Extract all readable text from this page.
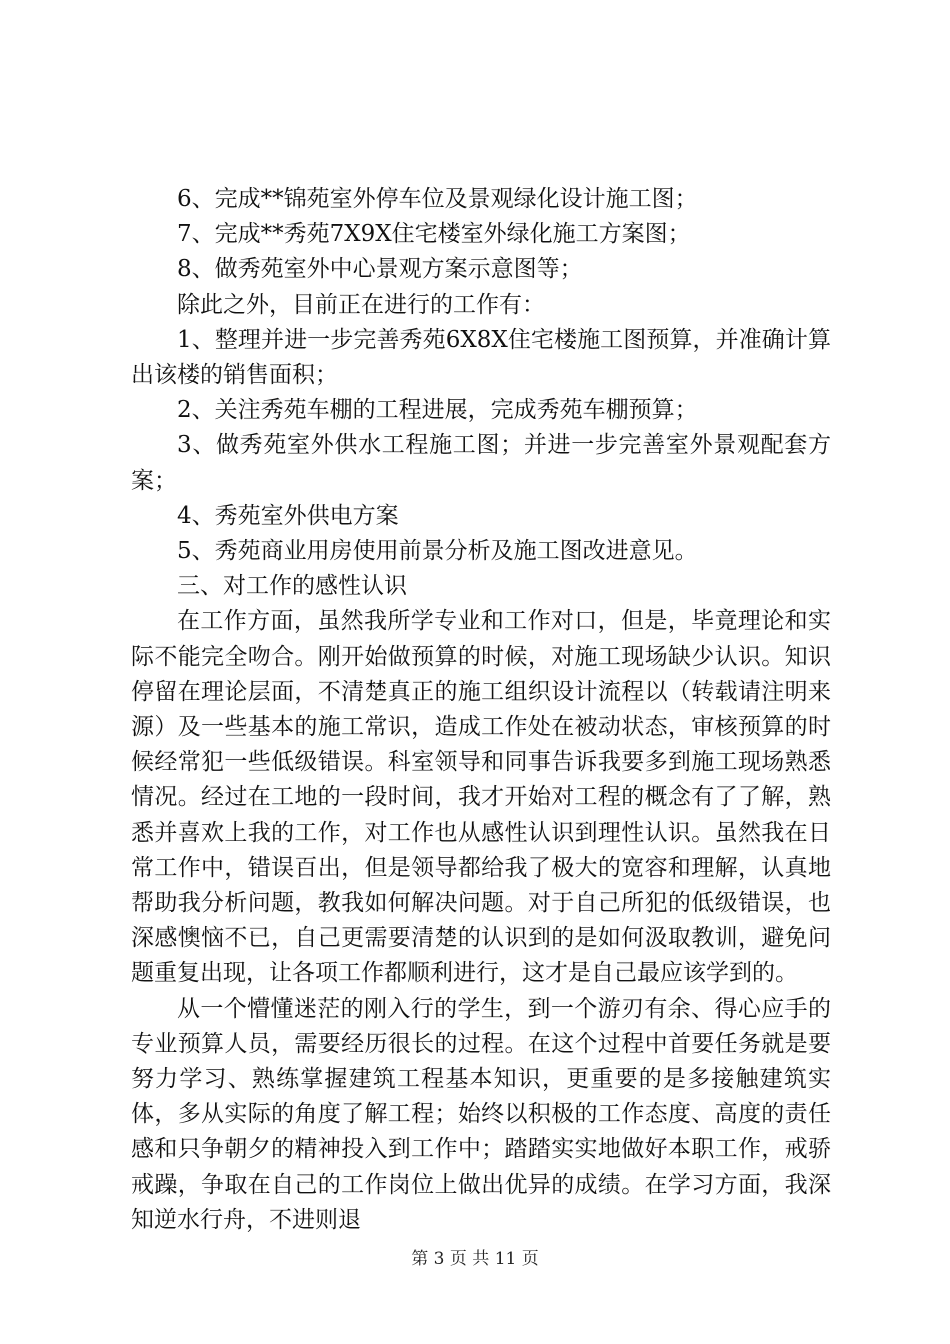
6、完成**锦苑室外停车位及景观绿化设计施工图；

7、完成**秀苑7X9X住宅楼室外绿化施工方案图；

8、做秀苑室外中心景观方案示意图等；

除此之外，目前正在进行的工作有：

1、整理并进一步完善秀苑6X8X住宅楼施工图预算，并准确计算出该楼的销售面积；

2、关注秀苑车棚的工程进展，完成秀苑车棚预算；

3、做秀苑室外供水工程施工图；并进一步完善室外景观配套方案；

4、秀苑室外供电方案

5、秀苑商业用房使用前景分析及施工图改进意见。

三、对工作的感性认识

在工作方面，虽然我所学专业和工作对口，但是，毕竟理论和实际不能完全吻合。刚开始做预算的时候，对施工现场缺少认识。知识停留在理论层面，不清楚真正的施工组织设计流程以（转载请注明来源）及一些基本的施工常识，造成工作处在被动状态，审核预算的时候经常犯一些低级错误。科室领导和同事告诉我要多到施工现场熟悉情况。经过在工地的一段时间，我才开始对工程的概念有了了解，熟悉并喜欢上我的工作，对工作也从感性认识到理性认识。虽然我在日常工作中，错误百出，但是领导都给我了极大的宽容和理解，认真地帮助我分析问题，教我如何解决问题。对于自己所犯的低级错误，也深感懊恼不已，自己更需要清楚的认识到的是如何汲取教训，避免问题重复出现，让各项工作都顺利进行，这才是自己最应该学到的。

从一个懵懂迷茫的刚入行的学生，到一个游刃有余、得心应手的专业预算人员，需要经历很长的过程。在这个过程中首要任务就是要努力学习、熟练掌握建筑工程基本知识，更重要的是多接触建筑实体，多从实际的角度了解工程；始终以积极的工作态度、高度的责任感和只争朝夕的精神投入到工作中；踏踏实实地做好本职工作，戒骄戒躁，争取在自己的工作岗位上做出优异的成绩。在学习方面，我深知逆水行舟，不进则退

第 3 页 共 11 页
